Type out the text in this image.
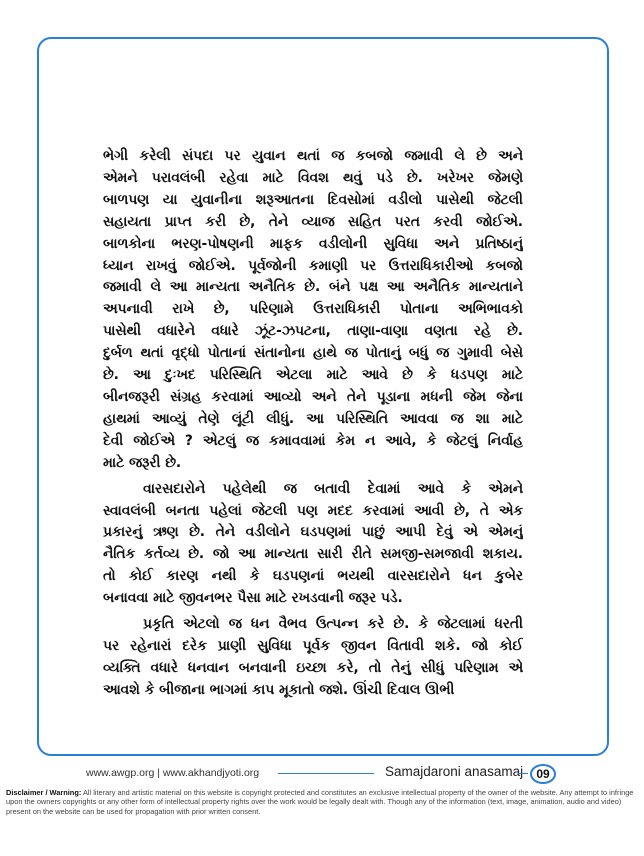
ભેગી કરેલી સંપદા પર યુવાન થતાં જ કબજો જમાવી લે છે અને
એમને પરાવલંબી રહેવા માટે વિવશ થવું પડે છે. ખરેખર જેમણે
બાળપણ યા યુવાનીના શરૂઆતના દિવસોમાં વડીલો પાસેથી જેટલી
સહાયતા પ્રાપ્ત કરી છે, તેને વ્યાજ સહિત પરત કરવી જોઈએ.
બાળકોના ભરણ-પોષણની માફક વડીલોની સુવિધા અને પ્રતિષ્ઠાનું
ધ્યાન રાખવું જોઈએ. પૂર્વજોની કમાણી પર ઉત્તરાધિકારીઓ કબજો
જમાવી લે આ માન્યતા અનૈતિક છે. બંને પક્ષ આ અનૈતિક માન્યતાને
અપનાવી રાખે છે, પરિણામે ઉત્તરાધિકારી પોતાના અભિભાવકો
પાસેથી વધારેને વધારે ઝૂંટ-ઝપટના, તાણા-વાણા વણતા રહે છે.
દુર્બળ થતાં વૃદ્ધો પોતાનાં સંતાનોના હાથે જ પોતાનું બધું જ ગુમાવી બેસે
છે. આ દુઃખદ પરિસ્થિતિ એટલા માટે આવે છે કે ધડપણ માટે
બીનજરૂરી સંગ્રહ કરવામાં આવ્યો અને તેને પૂડાના મધની જેમ જેના
હાથમાં આવ્યું તેણે લૂંટી લીધું. આ પરિસ્થિતિ આવવા જ શા માટે
દેવી જોઈએ ? એટલું જ કમાવવામાં કેમ ન આવે, કે જેટલું નિર્વાહ
માટે જરૂરી છે.
વારસદારોને પહેલેથી જ બતાવી દેવામાં આવે કે એમને
સ્વાવલંબી બનતા પહેલાં જેટલી પણ મદદ કરવામાં આવી છે, તે એક
પ્રકારનું ઋણ છે. તેને વડીલોને ઘડપણમાં પાછું આપી દેવું એ એમનું
નૈતિક કર્તવ્ય છે. જો આ માન્યતા સારી રીતે સમજી-સમજાવી શકાય.
તો કોઈ કારણ નથી કે ઘડપણનાં ભયથી વારસદારોને ધન કુબેર
બનાવવા માટે જીવનભર પૈસા માટે રખડવાની જરૂર પડે.
પ્રકૃતિ એટલો જ ધન વૈભવ ઉત્પન્ન કરે છે. કે જેટલામાં ધરતી
પર રહેનારાં દરેક પ્રાણી સુવિધા પૂર્વક જીવન વિતાવી શકે. જો કોઈ
વ્યક્તિ વધારે ધનવાન બનવાની ઇચ્છા કરે, તો તેનું સીધું પરિણામ એ
આવશે કે બીજાના ભાગમાં કાપ મૂકાતો જશે. ઊંચી દિવાલ ઊભી
www.awgp.org | www.akhandjyoti.org	Samajdaroni anasamaj	09
Disclaimer / Warning: All literary and artistic material on this website is copyright protected and constitutes an exclusive intellectual property of the owner of the website. Any attempt to infringe upon the owners copyrights or any other form of intellectual property rights over the work would be legally dealt with. Though any of the information (text, image, animation, audio and video) present on the website can be used for propagation with prior written consent.
